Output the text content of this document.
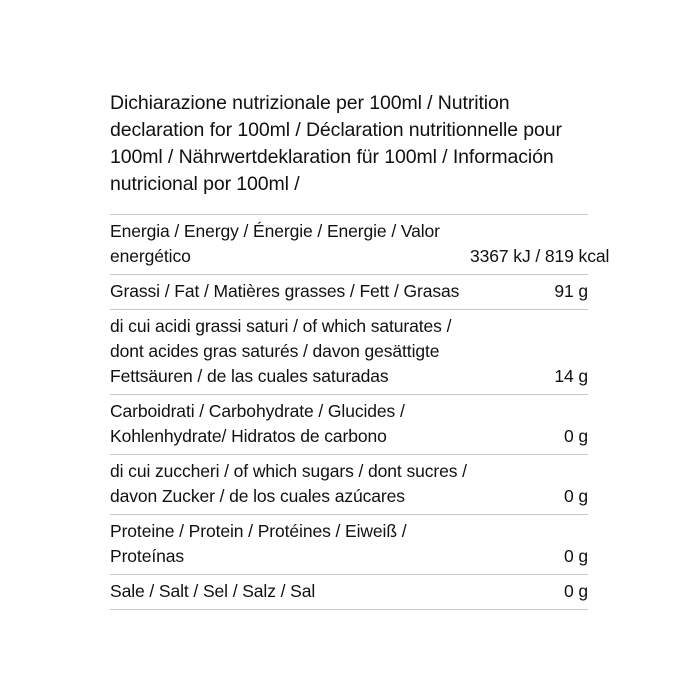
Dichiarazione nutrizionale per 100ml / Nutrition declaration for 100ml / Déclaration nutritionnelle pour 100ml / Nährwertdeklaration für 100ml / Información nutricional por 100ml /
Energia / Energy / Énergie / Energie / Valor energético	3367 kJ / 819 kcal
Grassi / Fat / Matières grasses / Fett / Grasas	91 g
di cui acidi grassi saturi / of which saturates / dont acides gras saturés / davon gesättigte Fettsäuren / de las cuales saturadas	14 g
Carboidrati / Carbohydrate / Glucides / Kohlenhydrate/ Hidratos de carbono	0 g
di cui zuccheri / of which sugars / dont sucres / davon Zucker / de los cuales azúcares	0 g
Proteine / Protein / Protéines / Eiweiß / Proteínas	0 g
Sale / Salt / Sel / Salz / Sal	0 g
